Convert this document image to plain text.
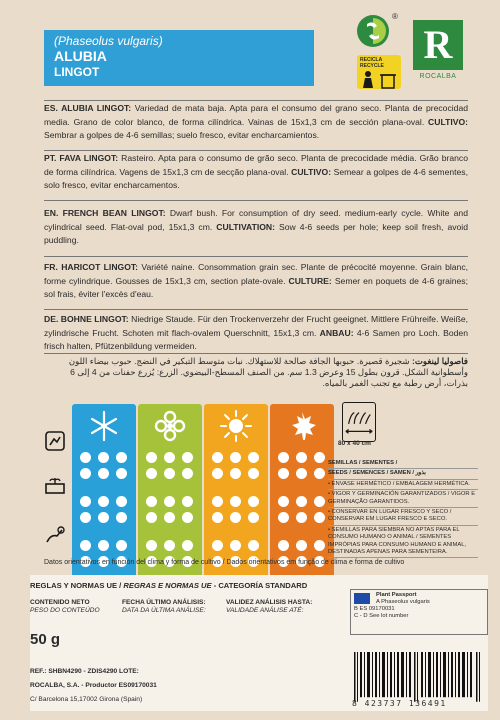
(Phaseolus vulgaris)
ALUBIA
LINGOT
®
RECICLA
RECYCLE R
ROCALBA
ES. ALUBIA LINGOT: Variedad de mata baja. Apta para el consumo del grano seco. Planta de precocidad media. Grano de color blanco, de forma cilíndrica. Vainas de 15x1,3 cm de sección plana-oval. CULTIVO: Sembrar a golpes de 4-6 semillas; suelo fresco, evitar encharcamientos.
PT. FAVA LINGOT: Rasteiro. Apta para o consumo de grão seco. Planta de precocidade média. Grão branco de forma cilíndrica. Vagens de 15x1,3 cm de secção plana-oval. CULTIVO: Semear a golpes de 4-6 sementes, solo fresco, evitar encharcamentos.
EN. FRENCH BEAN LINGOT: Dwarf bush. For consumption of dry seed. medium-early cycle. White and cylindrical seed. Flat-oval pod, 15x1,3 cm. CULTIVATION: Sow 4-6 seeds per hole; keep soil fresh, avoid puddling.
FR. HARICOT LINGOT: Variété naine. Consommation grain sec. Plante de précocité moyenne. Grain blanc, forme cylindrique. Gousses de 15x1,3 cm, section plate-ovale. CULTURE: Semer en poquets de 4-6 graines; sol frais, éviter l'excès d'eau.
DE. BOHNE LINGOT: Niedrige Staude. Für den Trockenverzehr der Frucht geeignet. Mittlere Frühreife. Weiße, zylindrische Frucht. Schoten mit flach-ovalem Querschnitt, 15x1,3 cm. ANBAU: 4-6 Samen pro Loch. Boden frisch halten, Pfützenbildung vermeiden.
فاصوليا لينغوت: شجيرة قصيرة. حبوبها الجافة صالحة للاستهلاك. نبات متوسط التبكير في النضج. حبوب بيضاء اللون وأسطوانية الشكل. قرون بطول 15 وعرض 1.3 سم. من الصنف المسطح-البيضوي. الزرع: يُزرع حفنات من 4 إلى 6 بذرات، أرض رطبة مع تجنب الغمر بالمياه.
80 x 40 cm
SEMILLAS / SEMENTES /
SEEDS / SEMENCES / SAMEN / بذور
• ENVASE HERMÉTICO / EMBALAGEM HERMÉTICA.
• VIGOR Y GERMINACIÓN GARANTIZADOS / VIGOR E GERMINAÇÃO GARANTIDOS.
• CONSERVAR EN LUGAR FRESCO Y SECO / CONSERVAR EM LUGAR FRESCO E SECO.
• SEMILLAS PARA SIEMBRA NO APTAS PARA EL CONSUMO HUMANO O ANIMAL / SEMENTES IMPRÓPIAS PARA CONSUMO HUMANO E ANIMAL, DESTINADAS APENAS PARA SEMENTEIRA.
Datos orientativos en función del clima y forma de cultivo / Dados orientativos em função de clima e forma de cultivo
REGLAS Y NORMAS UE / REGRAS E NORMAS UE - CATEGORÍA STANDARD
CONTENIDO NETO
PESO DO CONTEÚDO
FECHA ÚLTIMO ANÁLISIS:
DATA DA ÚLTIMA ANÁLISE:
VALIDEZ ANÁLISIS HASTA:
VALIDADE ANÁLISE ATÉ:
50 g
REF.: SHBN4290 - ZDIS4290 LOTE:
ROCALBA, S.A. - Productor ES09170031
C/ Barcelona 15,17002 Girona (Spain)
Plant Passport
A Phaseolus vulgaris
B ES 09170031
C - D See lot number
8 423737 136491
